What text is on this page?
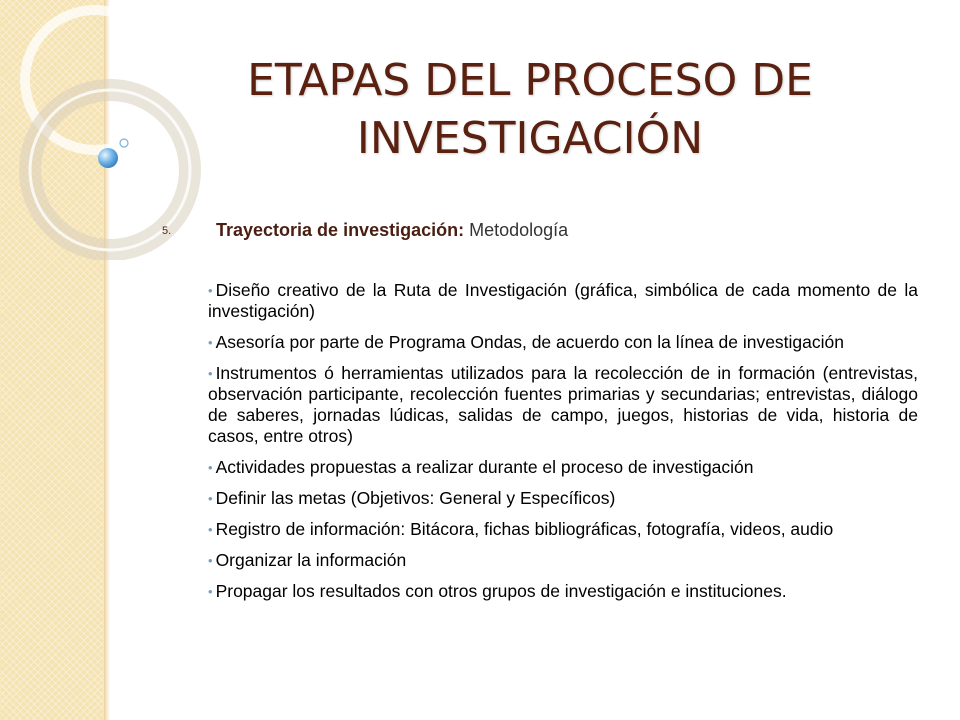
ETAPAS DEL PROCESO DE
INVESTIGACIÓN
5. Trayectoria de investigación: Metodología
• Diseño creativo de la Ruta de Investigación (gráfica, simbólica de cada momento de la investigación)
• Asesoría por parte de Programa Ondas, de acuerdo con la línea de investigación
• Instrumentos ó herramientas utilizados para la recolección de in formación (entrevistas, observación participante, recolección fuentes primarias y secundarias; entrevistas, diálogo de saberes, jornadas lúdicas, salidas de campo, juegos, historias de vida, historia de casos, entre otros)
• Actividades propuestas a realizar durante el proceso de investigación
• Definir las metas (Objetivos: General y Específicos)
• Registro de información: Bitácora, fichas bibliográficas, fotografía, videos, audio
• Organizar la información
• Propagar los resultados con otros grupos de investigación e instituciones.
